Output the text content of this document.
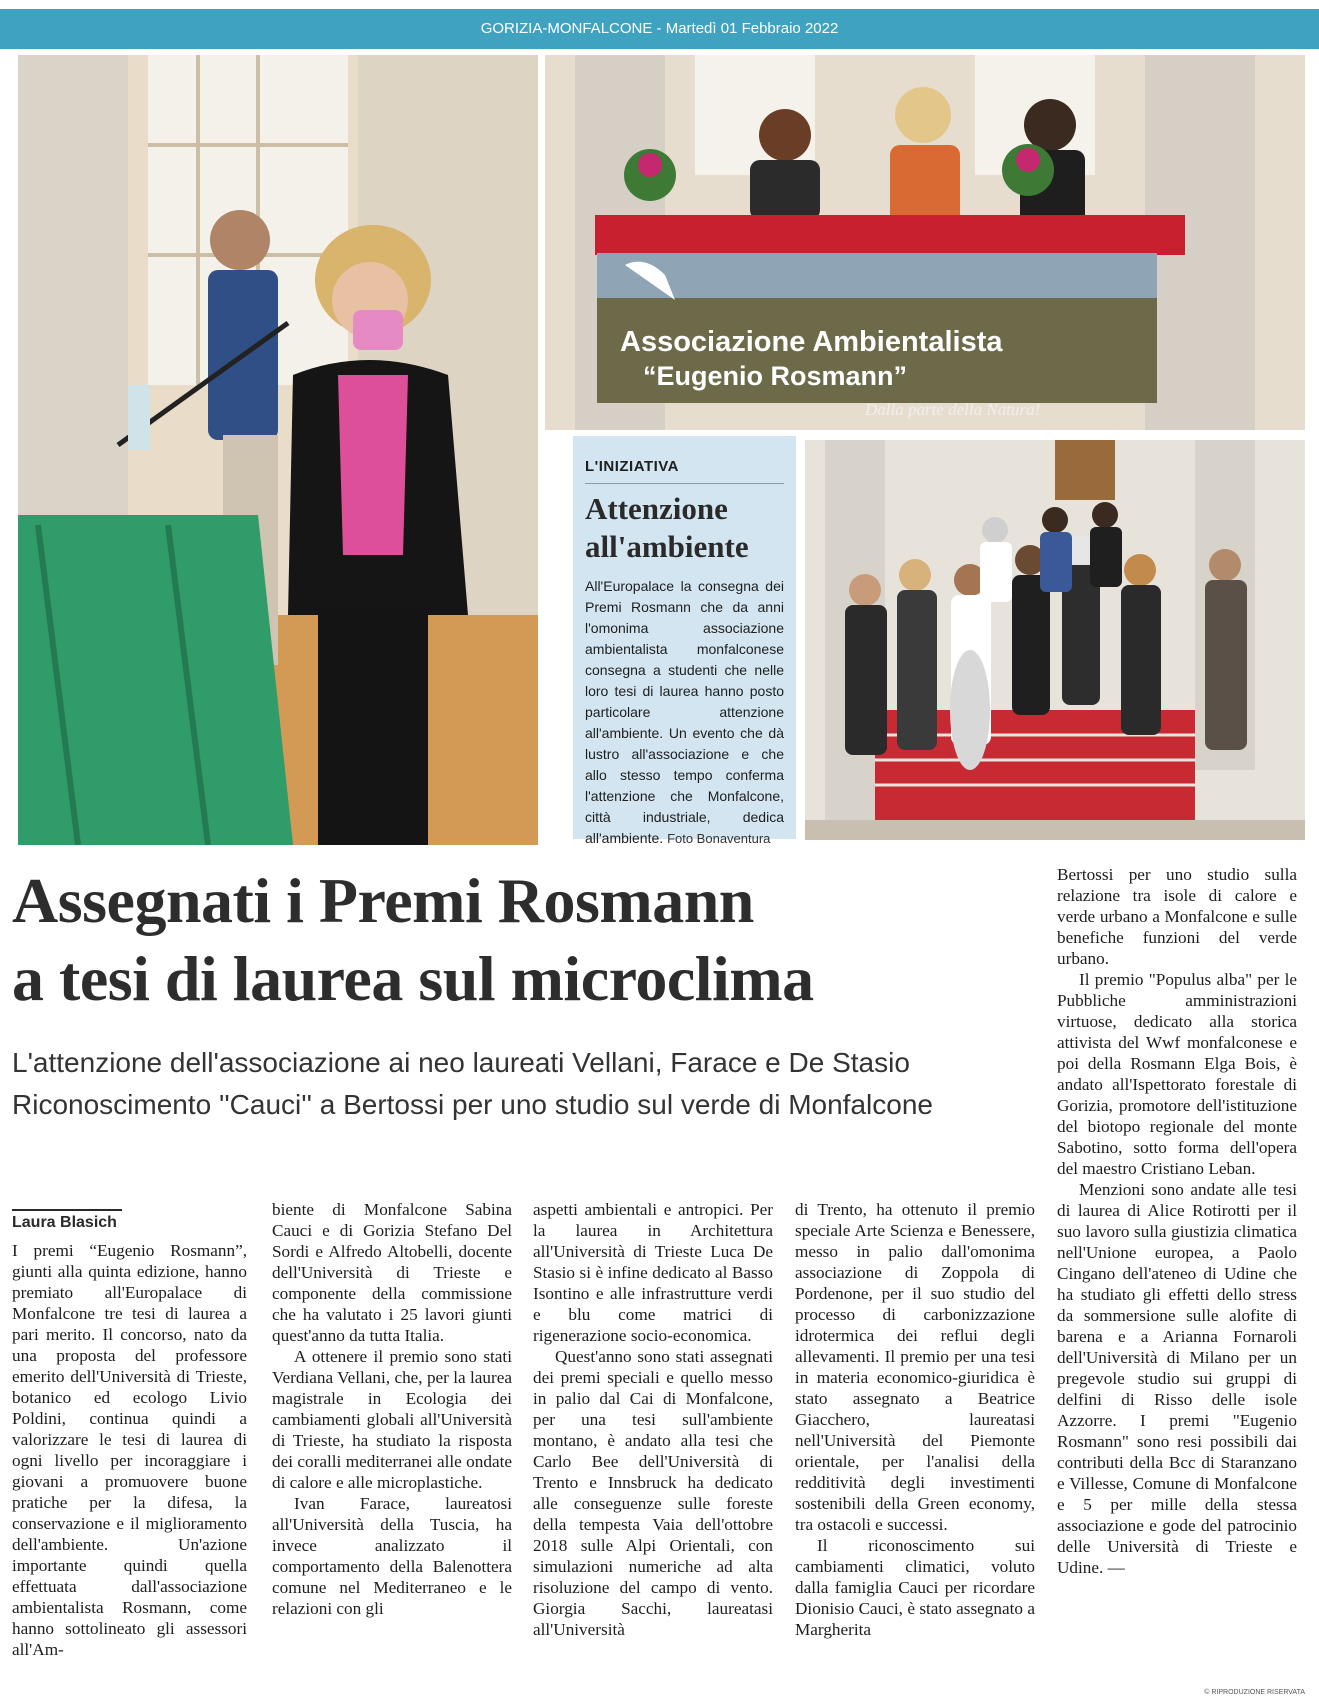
GORIZIA-MONFALCONE - Martedì 01 Febbraio 2022
Associazione Ambientalista
“Eugenio Rosmann”
Dalla parte della Natura!
L'INIZIATIVA
Attenzione
all'ambiente
All'Europalace la consegna dei Premi Rosmann che da anni l'omonima associazione ambientalista monfalconese consegna a studenti che nelle loro tesi di laurea hanno posto particolare attenzione all'ambiente. Un evento che dà lustro all'associazione e che allo stesso tempo conferma l'attenzione che Monfalcone, città industriale, dedica all'ambiente. Foto Bonaventura
Assegnati i Premi Rosmann
a tesi di laurea sul microclima
L'attenzione dell'associazione ai neo laureati Vellani, Farace e De Stasio
Riconoscimento ''Cauci'' a Bertossi per uno studio sul verde di Monfalcone
Laura Blasich

I premi “Eugenio Rosmann”, giunti alla quinta edizione, hanno premiato all'Europalace di Monfalcone tre tesi di laurea a pari merito. Il concorso, nato da una proposta del professore emerito dell'Università di Trieste, botanico ed ecologo Livio Poldini, continua quindi a valorizzare le tesi di laurea di ogni livello per incoraggiare i giovani a promuovere buone pratiche per la difesa, la conservazione e il miglioramento dell'ambiente. Un'azione importante quindi quella effettuata dall'associazione ambientalista Rosmann, come hanno sottolineato gli assessori all'Am-

biente di Monfalcone Sabina Cauci e di Gorizia Stefano Del Sordi e Alfredo Altobelli, docente dell'Università di Trieste e componente della commissione che ha valutato i 25 lavori giunti quest'anno da tutta Italia.

A ottenere il premio sono stati Verdiana Vellani, che, per la laurea magistrale in Ecologia dei cambiamenti globali all'Università di Trieste, ha studiato la risposta dei coralli mediterranei alle ondate di calore e alle microplastiche.

Ivan Farace, laureatosi all'Università della Tuscia, ha invece analizzato il comportamento della Balenottera comune nel Mediterraneo e le relazioni con gli

aspetti ambientali e antropici. Per la laurea in Architettura all'Università di Trieste Luca De Stasio si è infine dedicato al Basso Isontino e alle infrastrutture verdi e blu come matrici di rigenerazione socio-economica.

Quest'anno sono stati assegnati dei premi speciali e quello messo in palio dal Cai di Monfalcone, per una tesi sull'ambiente montano, è andato alla tesi che Carlo Bee dell'Università di Trento e Innsbruck ha dedicato alle conseguenze sulle foreste della tempesta Vaia dell'ottobre 2018 sulle Alpi Orientali, con simulazioni numeriche ad alta risoluzione del campo di vento. Giorgia Sacchi, laureatasi all'Università

di Trento, ha ottenuto il premio speciale Arte Scienza e Benessere, messo in palio dall'omonima associazione di Zoppola di Pordenone, per il suo studio del processo di carbonizzazione idrotermica dei reflui degli allevamenti. Il premio per una tesi in materia economico-giuridica è stato assegnato a Beatrice Giacchero, laureatasi nell'Università del Piemonte orientale, per l'analisi della redditività degli investimenti sostenibili della Green economy, tra ostacoli e successi.

Il riconoscimento sui cambiamenti climatici, voluto dalla famiglia Cauci per ricordare Dionisio Cauci, è stato assegnato a Margherita

Bertossi per uno studio sulla relazione tra isole di calore e verde urbano a Monfalcone e sulle benefiche funzioni del verde urbano.

Il premio "Populus alba" per le Pubbliche amministrazioni virtuose, dedicato alla storica attivista del Wwf monfalconese e poi della Rosmann Elga Bois, è andato all'Ispettorato forestale di Gorizia, promotore dell'istituzione del biotopo regionale del monte Sabotino, sotto forma dell'opera del maestro Cristiano Leban.

Menzioni sono andate alle tesi di laurea di Alice Rotirotti per il suo lavoro sulla giustizia climatica nell'Unione europea, a Paolo Cingano dell'ateneo di Udine che ha studiato gli effetti dello stress da sommersione sulle alofite di barena e a Arianna Fornaroli dell'Università di Milano per un pregevole studio sui gruppi di delfini di Risso delle isole Azzorre. I premi "Eugenio Rosmann" sono resi possibili dai contributi della Bcc di Staranzano e Villesse, Comune di Monfalcone e 5 per mille della stessa associazione e gode del patrocinio delle Università di Trieste e Udine. —

© RIPRODUZIONE RISERVATA
